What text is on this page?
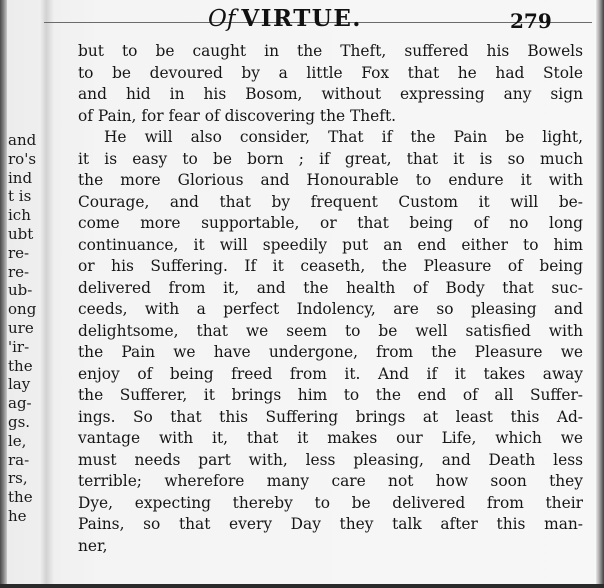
Of VIRTUE.	279
and
ro's
ind
t is
ich
ubt
re-
re-
ub-
ong
ure
'ir-
the
lay
ag-
gs.
le,
ra-
rs,
the
he
but to be caught in the Theft, suffered his Bowels
to be devoured by a little Fox that he had Stole
and hid in his Bosom, without expressing any sign
of Pain, for fear of discovering the Theft.
He will also consider, That if the Pain be light,
it is easy to be born ; if great, that it is so much
the more Glorious and Honourable to endure it with
Courage, and that by frequent Custom it will be-
come more supportable, or that being of no long
continuance, it will speedily put an end either to him
or his Suffering. If it ceaseth, the Pleasure of being
delivered from it, and the health of Body that suc-
ceeds, with a perfect Indolency, are so pleasing and
delightsome, that we seem to be well satisfied with
the Pain we have undergone, from the Pleasure we
enjoy of being freed from it. And if it takes away
the Sufferer, it brings him to the end of all Suffer-
ings. So that this Suffering brings at least this Ad-
vantage with it, that it makes our Life, which we
must needs part with, less pleasing, and Death less
terrible; wherefore many care not how soon they
Dye, expecting thereby to be delivered from their
Pains, so that every Day they talk after this man-
ner,
